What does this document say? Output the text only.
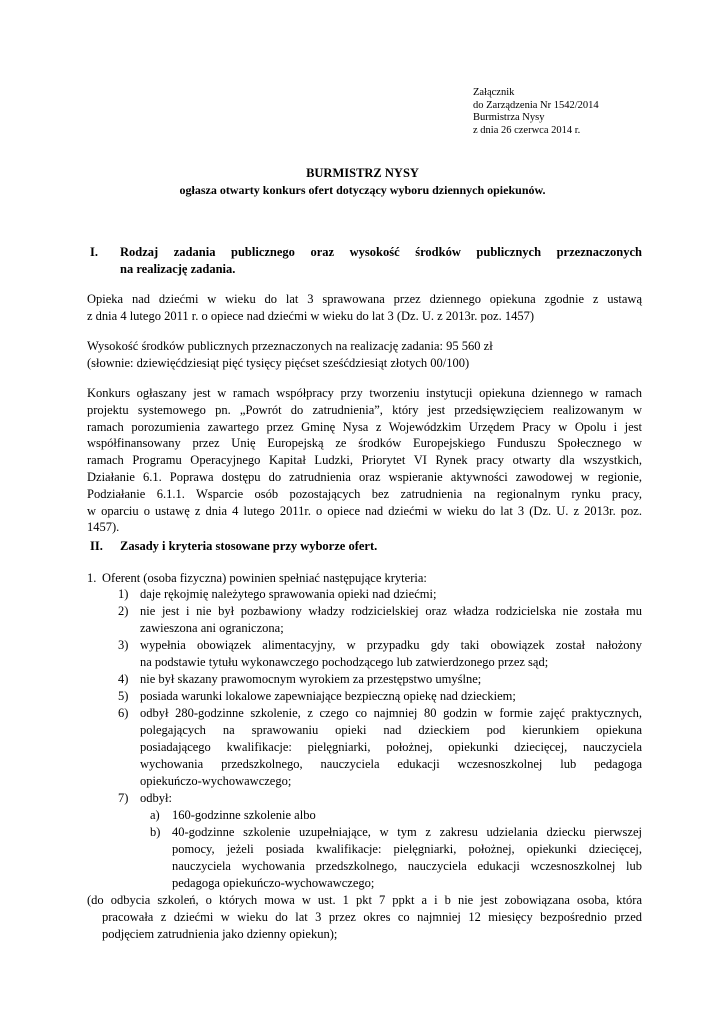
Załącznik
do Zarządzenia Nr 1542/2014
Burmistrza Nysy
z dnia 26 czerwca 2014 r.
BURMISTRZ NYSY
ogłasza otwarty konkurs ofert dotyczący wyboru dziennych opiekunów.
I. Rodzaj zadania publicznego oraz wysokość środków publicznych przeznaczonych
na realizację zadania.
Opieka nad dziećmi w wieku do lat 3 sprawowana przez dziennego opiekuna zgodnie z ustawą
z dnia 4 lutego 2011 r. o opiece nad dziećmi w wieku do lat 3 (Dz. U. z 2013r. poz. 1457)
Wysokość środków publicznych przeznaczonych na realizację zadania: 95 560 zł
(słownie: dziewięćdziesiąt pięć tysięcy pięćset sześćdziesiąt złotych 00/100)
Konkurs ogłaszany jest w ramach współpracy przy tworzeniu instytucji opiekuna dziennego w ramach
projektu systemowego pn. „Powrót do zatrudnienia”, który jest przedsięwzięciem realizowanym w
ramach porozumienia zawartego przez Gminę Nysa z Wojewódzkim Urzędem Pracy w Opolu i jest
współfinansowany przez Unię Europejską ze środków Europejskiego Funduszu Społecznego w
ramach Programu Operacyjnego Kapitał Ludzki, Priorytet VI Rynek pracy otwarty dla wszystkich,
Działanie 6.1. Poprawa dostępu do zatrudnienia oraz wspieranie aktywności zawodowej w regionie,
Podziałanie 6.1.1. Wsparcie osób pozostających bez zatrudnienia na regionalnym rynku pracy,
w oparciu o ustawę z dnia 4 lutego 2011r. o opiece nad dziećmi w wieku do lat 3 (Dz. U. z 2013r. poz.
1457).
II. Zasady i kryteria stosowane przy wyborze ofert.
1. Oferent (osoba fizyczna) powinien spełniać następujące kryteria:
1) daje rękojmię należytego sprawowania opieki nad dziećmi;
2) nie jest i nie był pozbawiony władzy rodzicielskiej oraz władza rodzicielska nie została mu
zawieszona ani ograniczona;
3) wypełnia obowiązek alimentacyjny, w przypadku gdy taki obowiązek został nałożony
na podstawie tytułu wykonawczego pochodzącego lub zatwierdzonego przez sąd;
4) nie był skazany prawomocnym wyrokiem za przestępstwo umyślne;
5) posiada warunki lokalowe zapewniające bezpieczną opiekę nad dzieckiem;
6) odbył 280-godzinne szkolenie, z czego co najmniej 80 godzin w formie zajęć praktycznych,
polegających na sprawowaniu opieki nad dzieckiem pod kierunkiem opiekuna
posiadającego kwalifikacje: pielęgniarki, położnej, opiekunki dziecięcej, nauczyciela
wychowania przedszkolnego, nauczyciela edukacji wczesnoszkolnej lub pedagoga
opiekuńczo-wychowawczego;
7) odbył:
a) 160-godzinne szkolenie albo
b) 40-godzinne szkolenie uzupełniające, w tym z zakresu udzielania dziecku pierwszej
pomocy, jeżeli posiada kwalifikacje: pielęgniarki, położnej, opiekunki dziecięcej,
nauczyciela wychowania przedszkolnego, nauczyciela edukacji wczesnoszkolnej lub
pedagoga opiekuńczo-wychowawczego;
(do odbycia szkoleń, o których mowa w ust. 1 pkt 7 ppkt a i b nie jest zobowiązana osoba, która
pracowała z dziećmi w wieku do lat 3 przez okres co najmniej 12 miesięcy bezpośrednio przed
podjęciem zatrudnienia jako dzienny opiekun);
